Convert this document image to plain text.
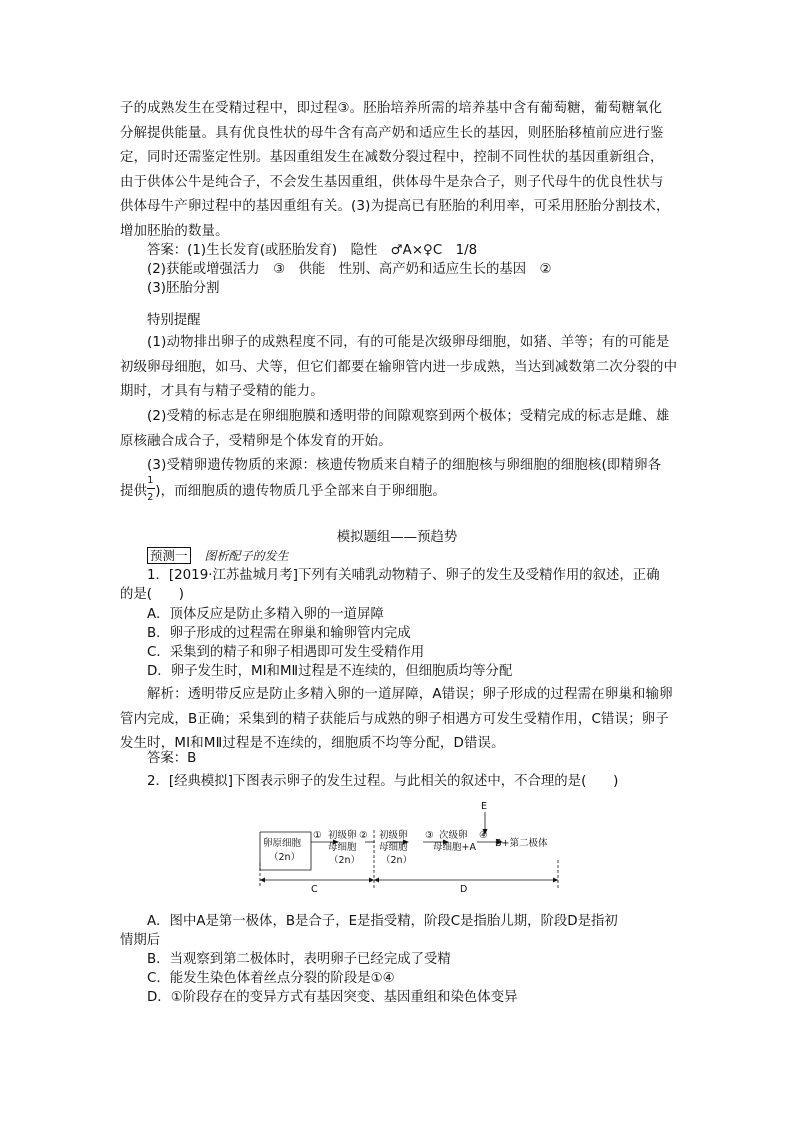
子的成熟发生在受精过程中，即过程③。胚胎培养所需的培养基中含有葡萄糖，葡萄糖氧化

分解提供能量。具有优良性状的母牛含有高产奶和适应生长的基因，则胚胎移植前应进行鉴

定，同时还需鉴定性别。基因重组发生在减数分裂过程中，控制不同性状的基因重新组合，

由于供体公牛是纯合子，不会发生基因重组，供体母牛是杂合子，则子代母牛的优良性状与

供体母牛产卵过程中的基因重组有关。(3)为提高已有胚胎的利用率，可采用胚胎分割技术，

增加胚胎的数量。

答案：(1)生长发育(或胚胎发育)　隐性　♂A×♀C　1/8

(2)获能或增强活力　③　供能　性别、高产奶和适应生长的基因　②

(3)胚胎分割

特别提醒

(1)动物排出卵子的成熟程度不同，有的可能是次级卵母细胞，如猪、羊等；有的可能是初级卵母细胞，如马、犬等，但它们都要在输卵管内进一步成熟，当达到减数第二次分裂的中期时，才具有与精子受精的能力。

(2)受精的标志是在卵细胞膜和透明带的间隙观察到两个极体；受精完成的标志是雌、雄原核融合成合子，受精卵是个体发育的开始。

(3)受精卵遗传物质的来源：核遗传物质来自精子的细胞核与卵细胞的细胞核(即精卵各

提供 $\frac{1}{2}$ )，而细胞质的遗传物质几乎全部来自于卵细胞。

模拟题组——预趋势
预测一 图析配子的发生

1．[2019·江苏盐城月考]下列有关哺乳动物精子、卵子的发生及受精作用的叙述，正确

的是(　　)

A．顶体反应是防止多精入卵的一道屏障

B．卵子形成的过程需在卵巢和输卵管内完成

C．采集到的精子和卵子相遇即可发生受精作用

D．卵子发生时，MⅠ和MⅡ过程是不连续的，但细胞质均等分配

解析：透明带反应是防止多精入卵的一道屏障，A错误；卵子形成的过程需在卵巢和输卵管内完成，B正确；采集到的精子获能后与成熟的卵子相遇方可发生受精作用，C错误；卵子发生时，MⅠ和MⅡ过程是不连续的，细胞质不均等分配，D错误。

答案：B

2．[经典模拟]下图表示卵子的发生过程。与此相关的叙述中，不合理的是(　　)

卵原细胞
（2n）
① 初级卵
母细胞
（2n）
② 初级卵
母细胞
（2n）
③ 次级卵
母细胞+A
④
B+第二极体
E
C	D

A．图中A是第一极体，B是合子，E是指受精，阶段C是指胎儿期，阶段D是指初

情期后

B．当观察到第二极体时，表明卵子已经完成了受精

C．能发生染色体着丝点分裂的阶段是①④

D．①阶段存在的变异方式有基因突变、基因重组和染色体变异
